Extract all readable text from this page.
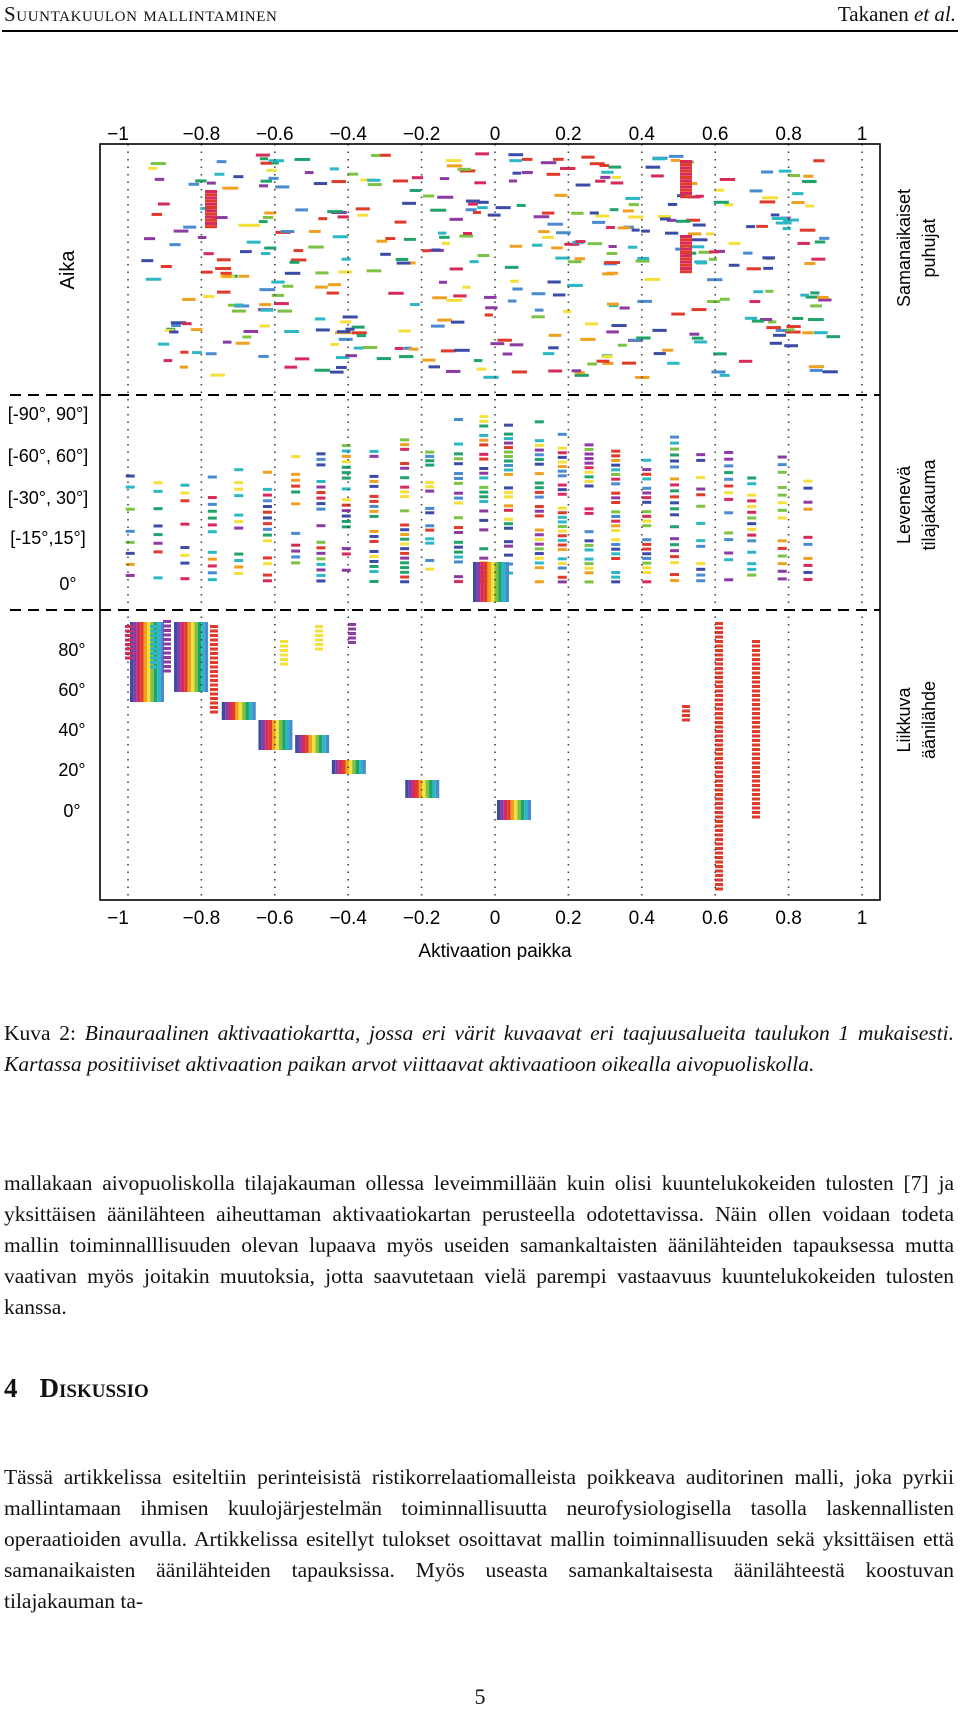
Suuntakuulon mallintaminen	Takanen et al.
−1
−1
−0.8
−0.8
−0.6
−0.6
−0.4
−0.4
−0.2
−0.2
0
0
0.2
0.2
0.4
0.4
0.6
0.6
0.8
0.8
1
1
Aktivaation paikka
Aika
[-90°, 90°]
[-60°, 60°]
[-30°, 30°]
[-15°,15°]
0°
80°
60°
40°
20°
0°
Samanaikaiset puhujat
Levenevä tilajakauma
Liikkuva äänilähde
Kuva 2: Binauraalinen aktivaatiokartta, jossa eri värit kuvaavat eri taajuusalueita taulukon 1 mukaisesti. Kartassa positiiviset aktivaation paikan arvot viittaavat aktivaatioon oikealla aivopuoliskolla.
mallakaan aivopuoliskolla tilajakauman ollessa leveimmillään kuin olisi kuuntelukokeiden tulosten [7] ja yksittäisen äänilähteen aiheuttaman aktivaatiokartan perusteella odotettavissa. Näin ollen voidaan todeta mallin toiminnalllisuuden olevan lupaava myös useiden samankaltaisten äänilähteiden tapauksessa mutta vaativan myös joitakin muutoksia, jotta saavutetaan vielä parempi vastaavuus kuuntelukokeiden tulosten kanssa.
4 Diskussio
Tässä artikkelissa esiteltiin perinteisistä ristikorrelaatiomalleista poikkeava auditorinen malli, joka pyrkii mallintamaan ihmisen kuulojärjestelmän toiminnallisuutta neurofysiologisella tasolla laskennallisten operaatioiden avulla. Artikkelissa esitellyt tulokset osoittavat mallin toiminnallisuuden sekä yksittäisen että samanaikaisten äänilähteiden tapauksissa. Myös useasta samankaltaisesta äänilähteestä koostuvan tilajakauman ta-
5
